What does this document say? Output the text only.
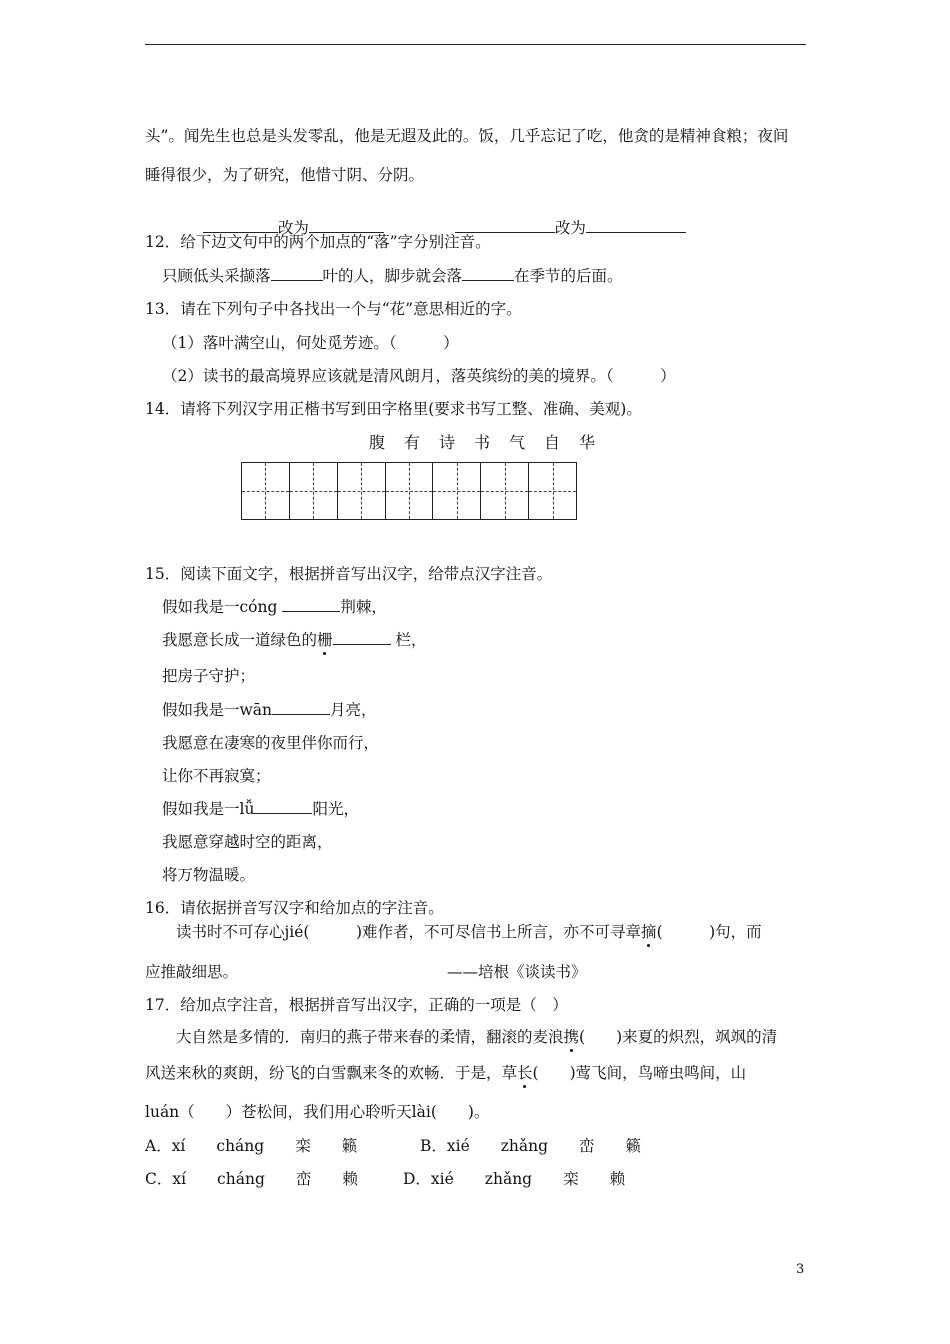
头”。闻先生也总是头发零乱，他是无遐及此的。饭，几乎忘记了吃，他贪的是精神食粮；夜间
睡得很少，为了研究，他惜寸阴、分阴。

改为	改为

12．给下边文句中的两个加点的“落”字分别注音。
只顾低头采撷落	叶的人，脚步就会落	在季节的后面。
13．请在下列句子中各找出一个与“花”意思相近的字。
（1）落叶满空山，何处觅芳迹。（　　　）
（2）读书的最高境界应该就是清风朗月，落英缤纷的美的境界。（　　　）
14．请将下列汉字用正楷书写到田字格里(要求书写工整、准确、美观)。
腹 有 诗 书 气 自 华
15．阅读下面文字，根据拼音写出汉字，给带点汉字注音。
假如我是一cóng	荆棘，
我愿意长成一道绿色的栅	栏，
把房子守护；
假如我是一wān	月亮，
我愿意在凄寒的夜里伴你而行，
让你不再寂寞；
假如我是一lǚ	阳光，
我愿意穿越时空的距离，
将万物温暖。
16．请依据拼音写汉字和给加点的字注音。
读书时不可存心jié(　　　)难作者，不可尽信书上所言，亦不可寻章摘(　　　)句，而
应推敲细思。	——培根《谈读书》
17．给加点字注音，根据拼音写出汉字，正确的一项是（　）
大自然是多情的．南归的燕子带来春的柔情，翻滚的麦浪携(　　)来夏的炽烈，飒飒的清
风送来秋的爽朗，纷飞的白雪飘来冬的欢畅．于是，草长(　　)莺飞间，鸟啼虫鸣间，山
luán（　　）苍松间，我们用心聆听天lài(　　)。
A．xí　　cháng　　栾　　籁	B．xié　　zhǎng　　峦　　籁
C．xí　　cháng　　峦　　赖	D．xié　　zhǎng　　栾　　赖
3
